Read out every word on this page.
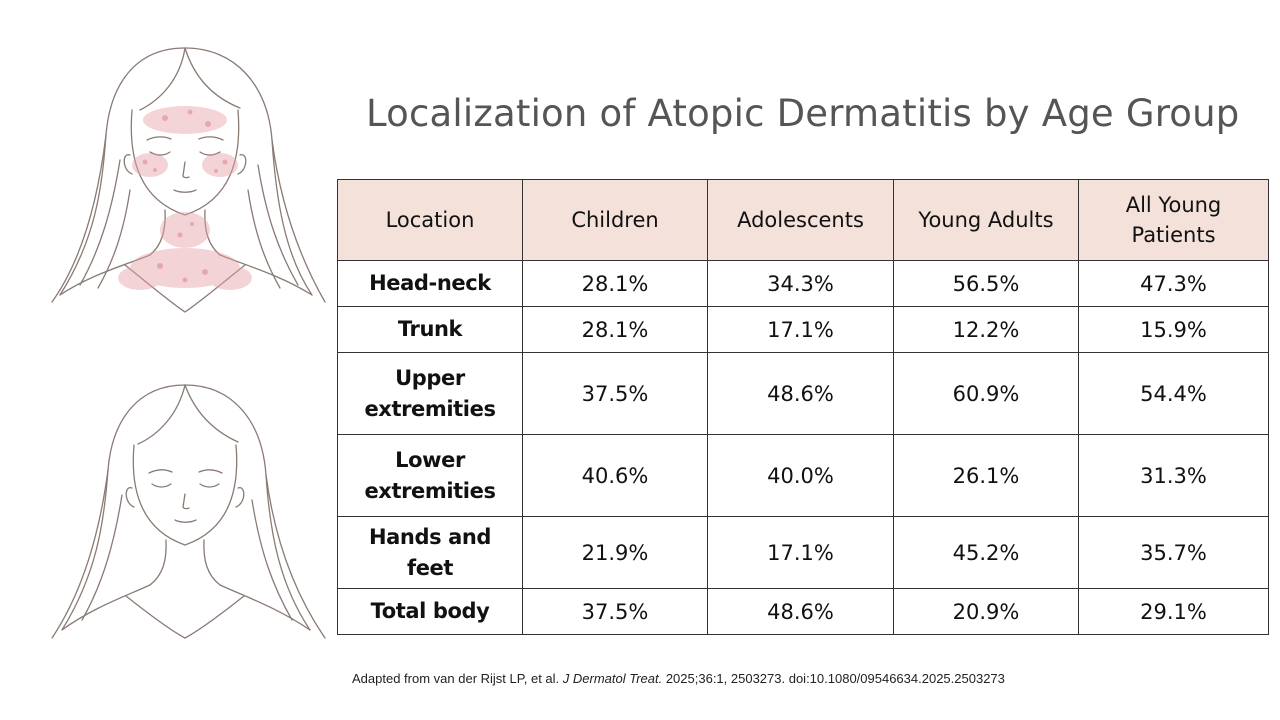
Localization of Atopic Dermatitis by Age Group
Location	Children	Adolescents	Young Adults	All Young Patients
Head-neck	28.1%	34.3%	56.5%	47.3%
Trunk	28.1%	17.1%	12.2%	15.9%
Upper extremities	37.5%	48.6%	60.9%	54.4%
Lower extremities	40.6%	40.0%	26.1%	31.3%
Hands and feet	21.9%	17.1%	45.2%	35.7%
Total body	37.5%	48.6%	20.9%	29.1%
Adapted from van der Rijst LP, et al. J Dermatol Treat. 2025;36:1, 2503273. doi:10.1080/09546634.2025.2503273
